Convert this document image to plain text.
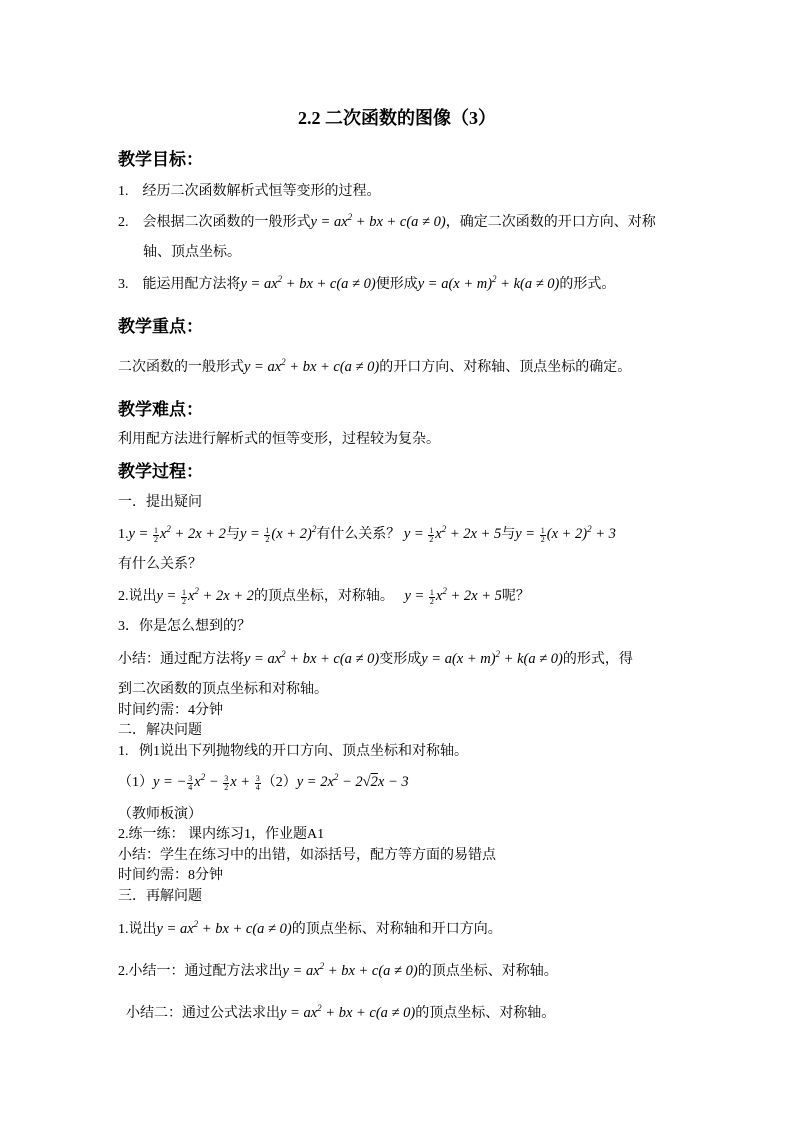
2.2 二次函数的图像（3）
教学目标：
1. 经历二次函数解析式恒等变形的过程。
2. 会根据二次函数的一般形式$y = ax^2$ + bx + c(a ≠ 0)，确定二次函数的开口方向、对称
轴、顶点坐标。
3. 能运用配方法将$y = ax^2$ + bx + c(a ≠ 0)便形成$y = a(x + m)^2 + k(a \ne 0)$的形式。
教学重点：
二次函数的一般形式$y = ax^2$ + bx + c(a ≠ 0)的开口方向、对称轴、顶点坐标的确定。
教学难点：
利用配方法进行解析式的恒等变形，过程较为复杂。
教学过程：
一．提出疑问
$1.y = \frac{1}{2} x^2 + 2x + 2$与$y = \frac{1}{2} (x + 2)^2$有什么关系？ $y = \frac{1}{2} x^2 + 2x + 5$与$y = \frac{1}{2} (x + 2)^2 + 3$
有什么关系？
2.说出$y = \frac{1}{2} x^2 + 2x + 2$的顶点坐标，对称轴。 $y = \frac{1}{2} x^2 + 2x + 5$呢？
3．你是怎么想到的？
小结：通过配方法将$y = ax^2$ + bx + c(a ≠ 0)变形成$y = a(x + m)^2 + k(a \ne 0)$的形式，得
到二次函数的顶点坐标和对称轴。
时间约需：4分钟
二．解决问题
1. 例1说出下列抛物线的开口方向、顶点坐标和对称轴。
（1）y = − $\frac{3}{4} x^2 - \frac{3}{2}$ $x + \frac{3}{4} (2)y = 2x^2 - 2√2x - 3$
（教师板演）
2.练一练： 课内练习1，作业题A1
小结：学生在练习中的出错，如添括号，配方等方面的易错点
时间约需：8分钟
三．再解问题
1.说出$y = ax^2$ + bx + c(a ≠ 0)的顶点坐标、对称轴和开口方向。
2.小结一：通过配方法求出$y = ax^2$ + bx + c(a ≠ 0)的顶点坐标、对称轴。
小结二：通过公式法求出$y = ax^2$ + bx + c(a ≠ 0)的顶点坐标、对称轴。
